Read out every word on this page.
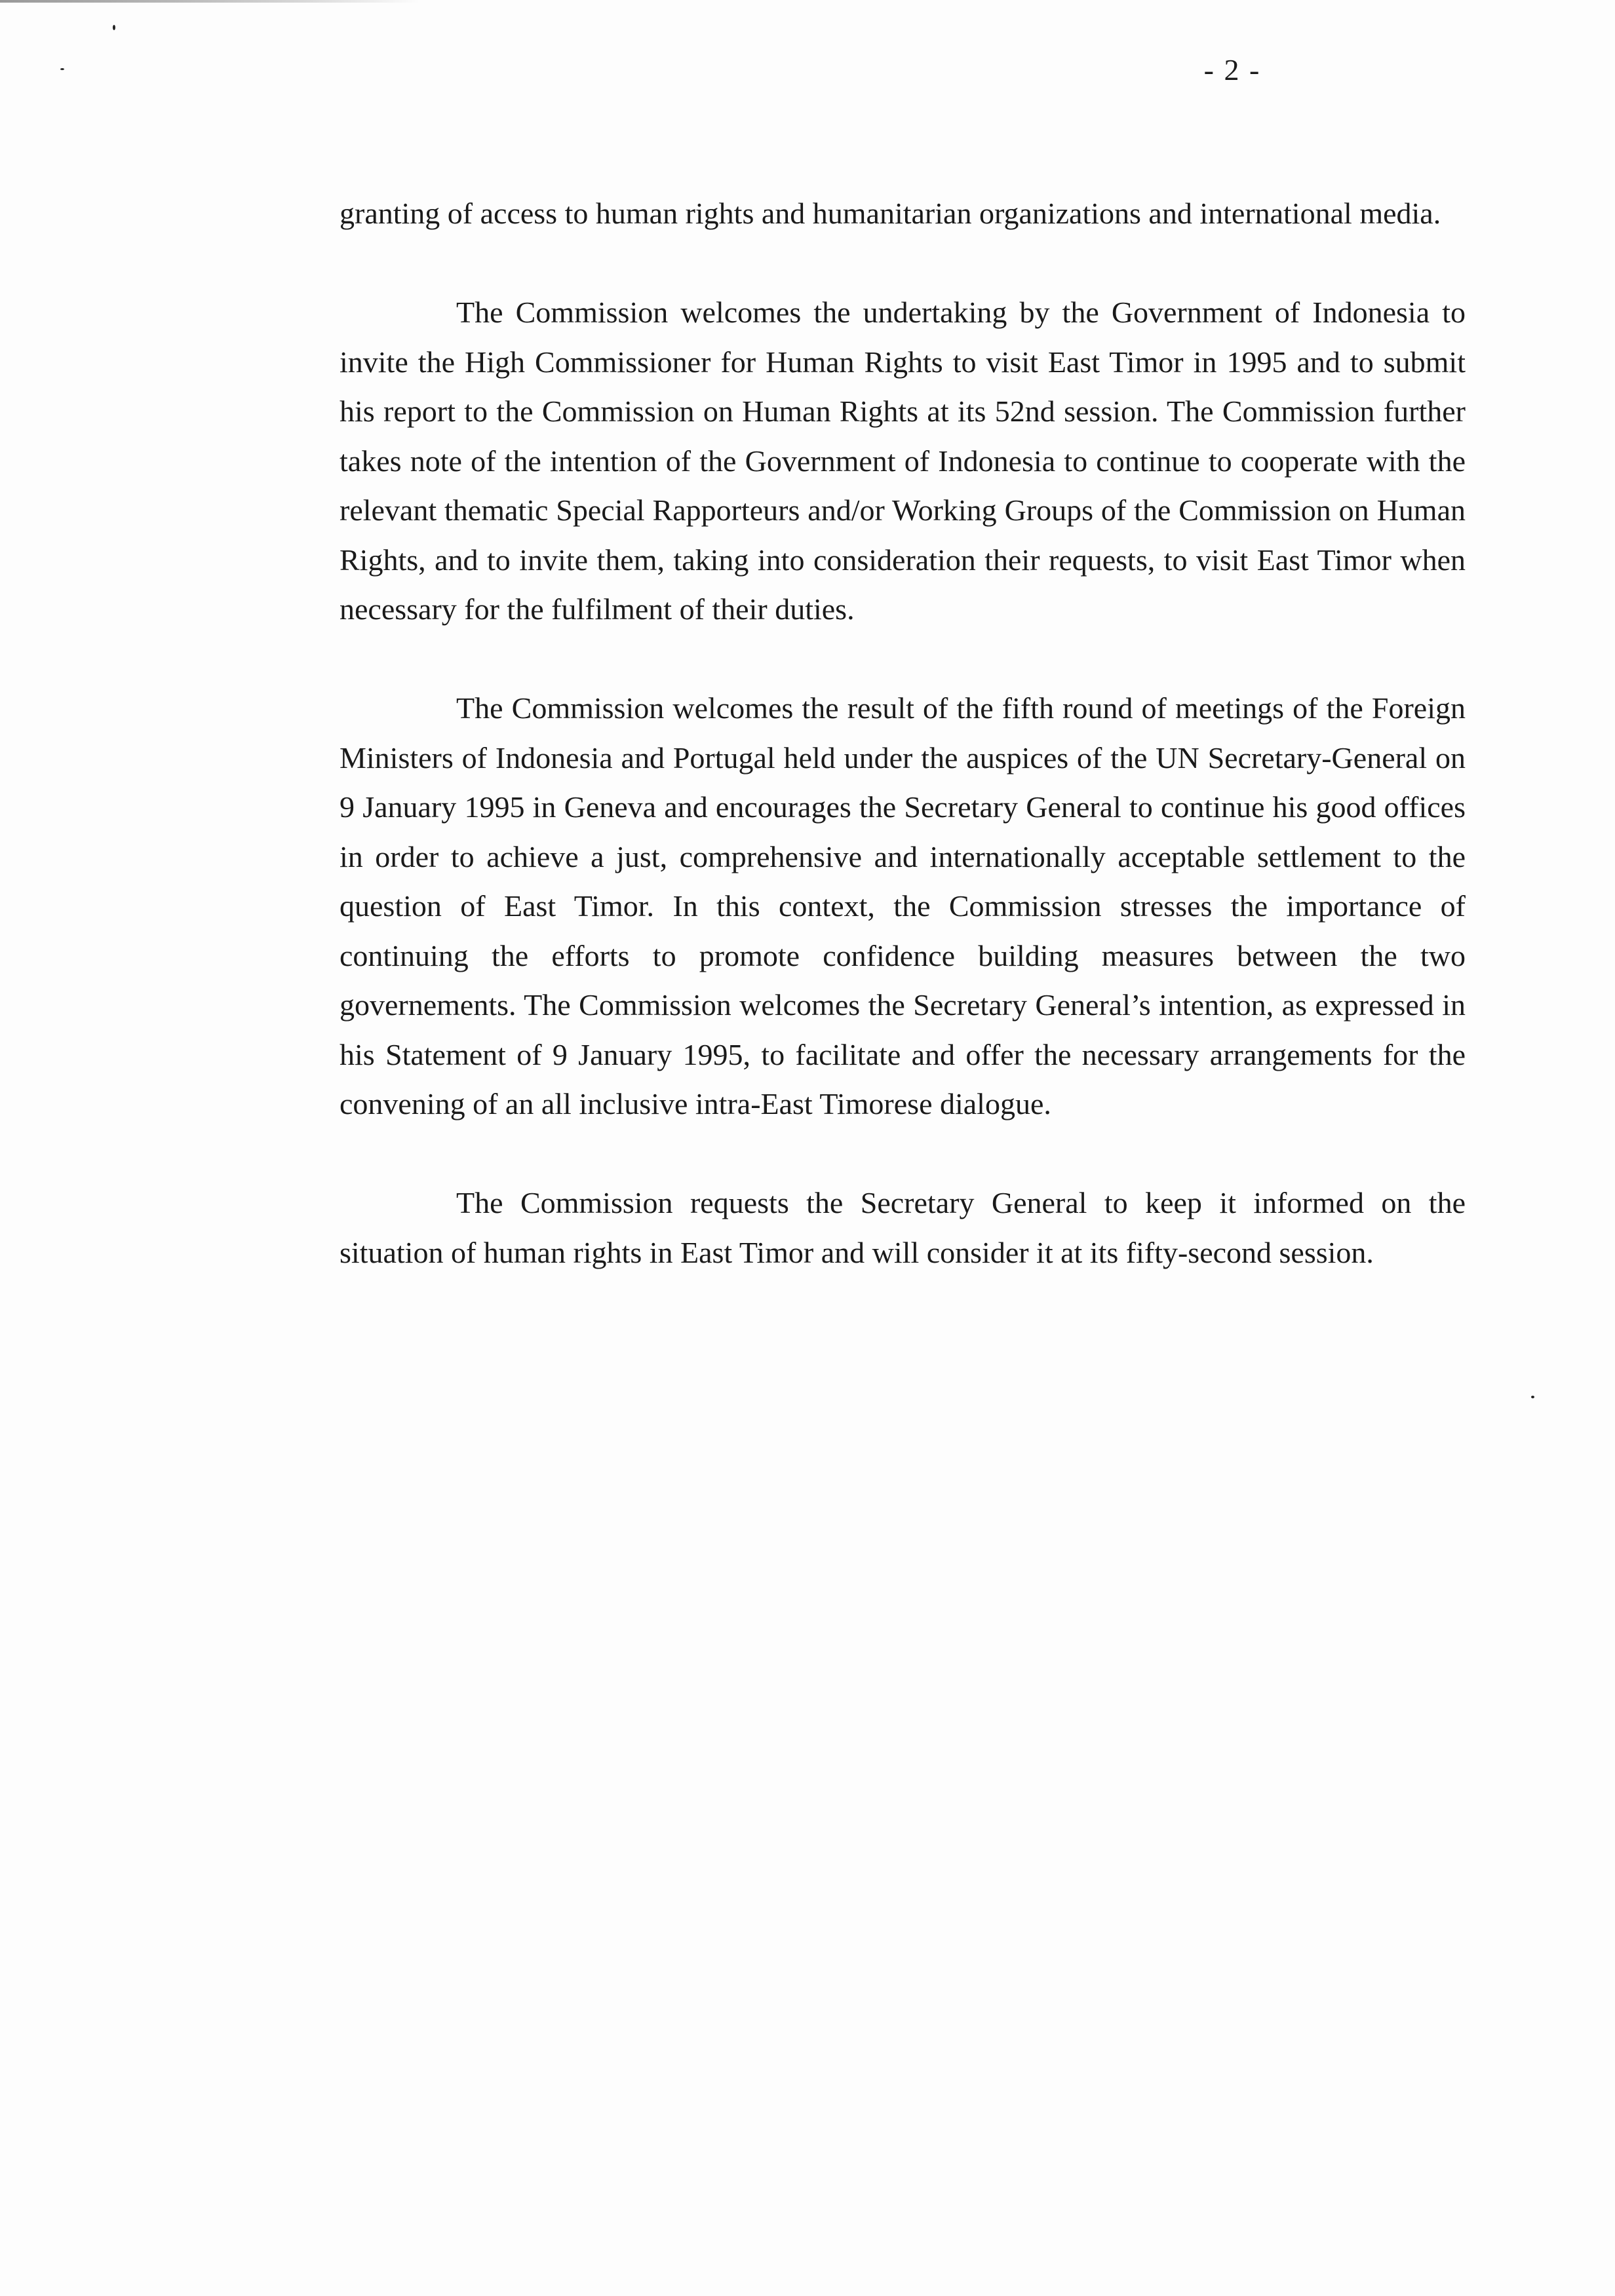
- 2 -

granting of access to human rights and humanitarian organizations and international media.

The Commission welcomes the undertaking by the Government of Indonesia to invite the High Commissioner for Human Rights to visit East Timor in 1995 and to submit his report to the Commission on Human Rights at its 52nd session. The Commission further takes note of the intention of the Government of Indonesia to continue to cooperate with the relevant thematic Special Rapporteurs and/or Working Groups of the Commission on Human Rights, and to invite them, taking into consideration their requests, to visit East Timor when necessary for the fulfilment of their duties.

The Commission welcomes the result of the fifth round of meetings of the Foreign Ministers of Indonesia and Portugal held under the auspices of the UN Secretary-General on 9 January 1995 in Geneva and encourages the Secretary General to continue his good offices in order to achieve a just, comprehensive and internationally acceptable settlement to the question of East Timor. In this context, the Commission stresses the importance of continuing the efforts to promote confidence building measures between the two governements. The Commission welcomes the Secretary General’s intention, as expressed in his Statement of 9 January 1995, to facilitate and offer the necessary arrangements for the convening of an all inclusive intra-East Timorese dialogue.

The Commission requests the Secretary General to keep it informed on the situation of human rights in East Timor and will consider it at its fifty-second session.
